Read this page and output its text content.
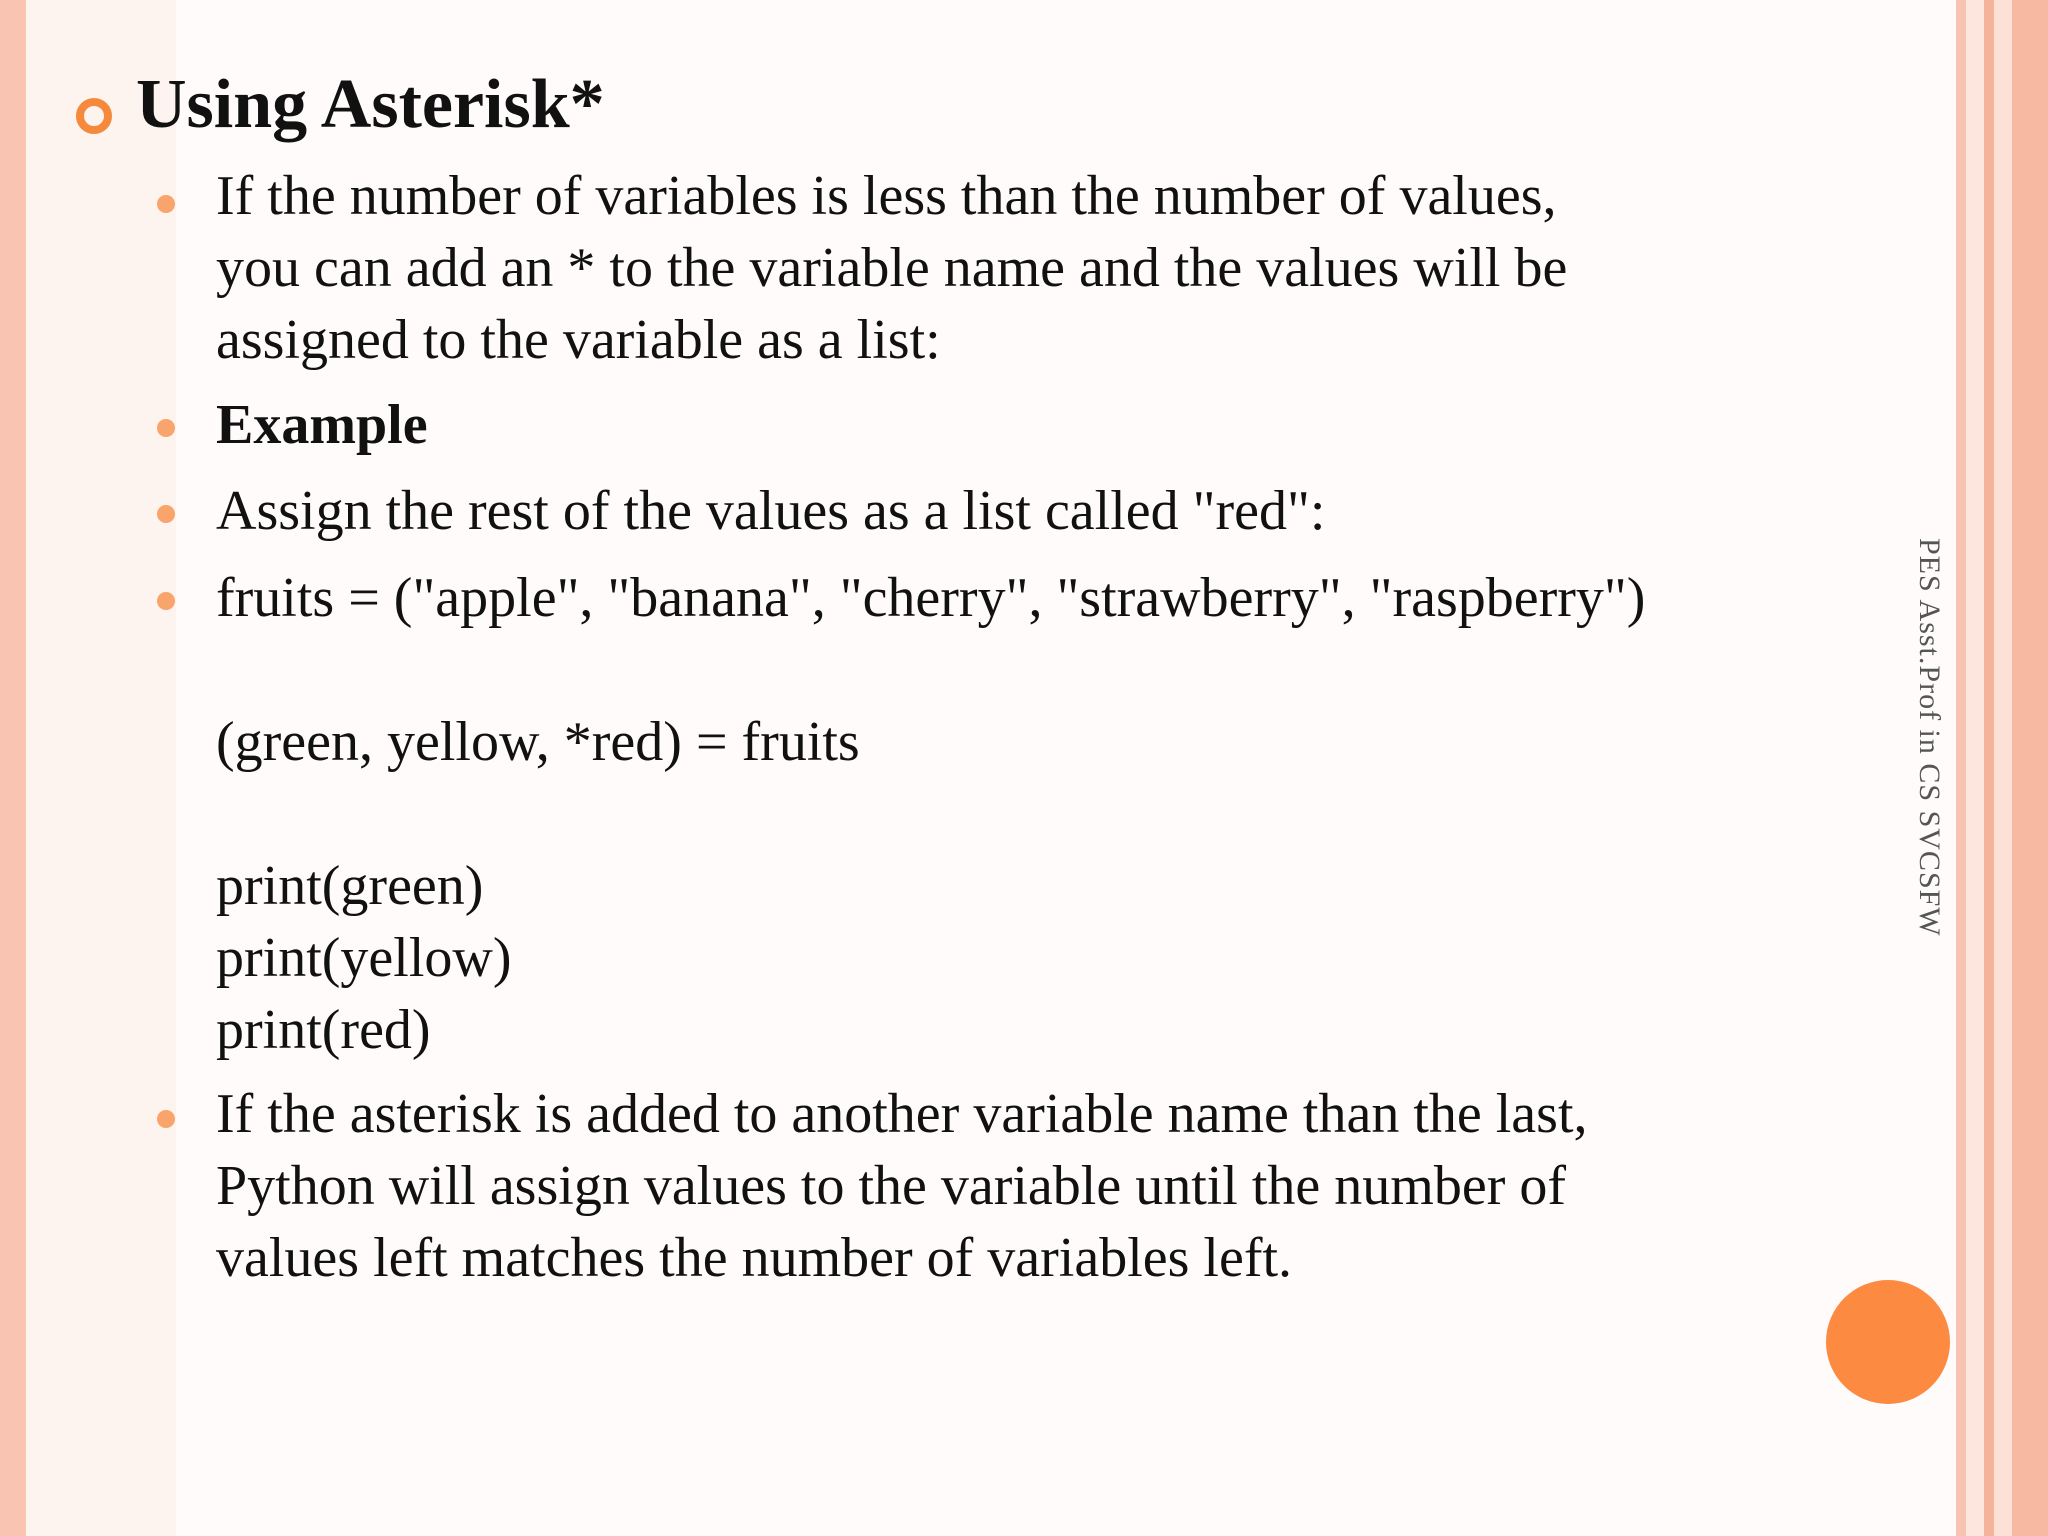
Using Asterisk*
If the number of variables is less than the number of values,
you can add an * to the variable name and the values will be
assigned to the variable as a list:
Example
Assign the rest of the values as a list called "red":
fruits = ("apple", "banana", "cherry", "strawberry", "raspberry")
(green, yellow, *red) = fruits
print(green)
print(yellow)
print(red)
If the asterisk is added to another variable name than the last,
Python will assign values to the variable until the number of
values left matches the number of variables left.
PES Asst.Prof in CS SVCSFW
